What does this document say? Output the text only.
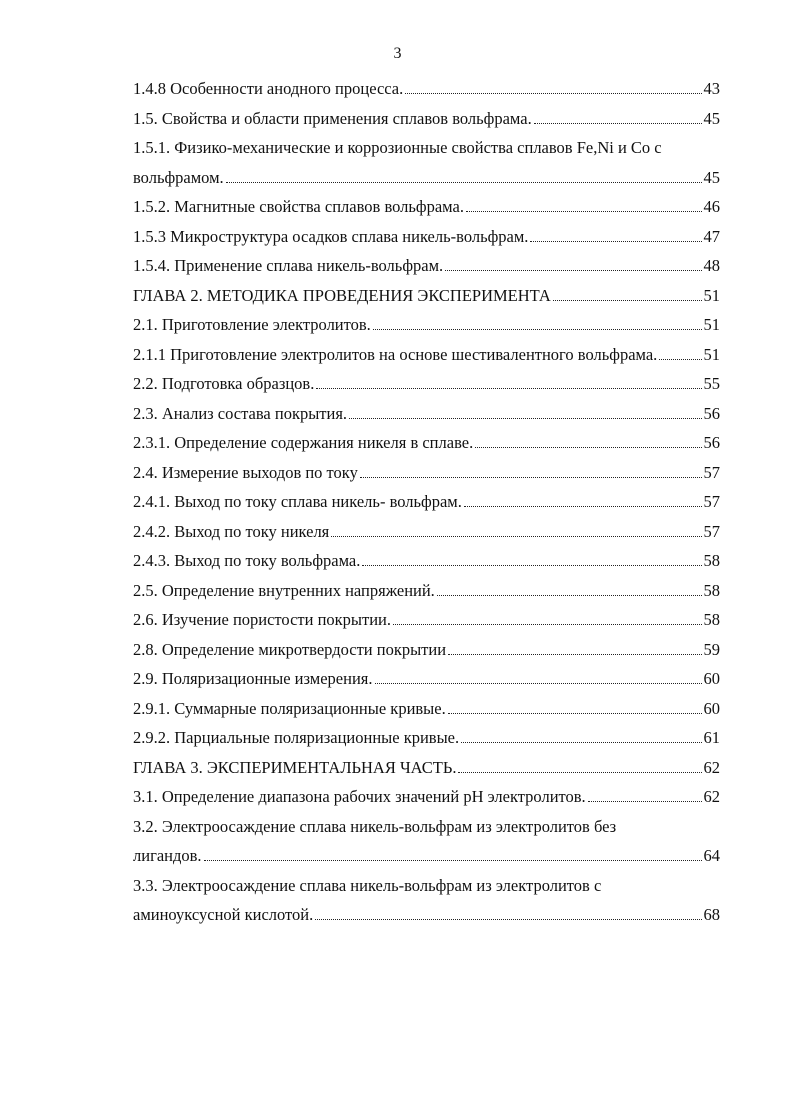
3
1.4.8 Особенности анодного процесса.	43
1.5. Свойства и области применения сплавов вольфрама.	45
1.5.1. Физико-механические и коррозионные свойства сплавов Fe,Ni и Co с
вольфрамом.	45
1.5.2. Магнитные свойства сплавов вольфрама.	46
1.5.3 Микроструктура осадков сплава никель-вольфрам.	47
1.5.4. Применение сплава никель-вольфрам.	48
ГЛАВА 2. МЕТОДИКА ПРОВЕДЕНИЯ ЭКСПЕРИМЕНТА	51
2.1. Приготовление электролитов.	51
2.1.1 Приготовление электролитов на основе шестивалентного вольфрама.	51
2.2. Подготовка образцов.	55
2.3. Анализ состава покрытия.	56
2.3.1. Определение содержания никеля в сплаве.	56
2.4. Измерение выходов по току	57
2.4.1. Выход по току сплава никель- вольфрам.	57
2.4.2. Выход по току никеля	57
2.4.3. Выход по току вольфрама.	58
2.5. Определение внутренних напряжений.	58
2.6. Изучение пористости покрытии.	58
2.8. Определение микротвердости покрытии	59
2.9. Поляризационные измерения.	60
2.9.1. Суммарные поляризационные кривые.	60
2.9.2. Парциальные поляризационные кривые.	61
ГЛАВА 3. ЭКСПЕРИМЕНТАЛЬНАЯ ЧАСТЬ.	62
3.1. Определение диапазона рабочих значений рН электролитов.	62
3.2. Электроосаждение сплава никель-вольфрам из электролитов без
лигандов.	64
3.3. Электроосаждение сплава никель-вольфрам из электролитов с
аминоуксусной кислотой.	68
